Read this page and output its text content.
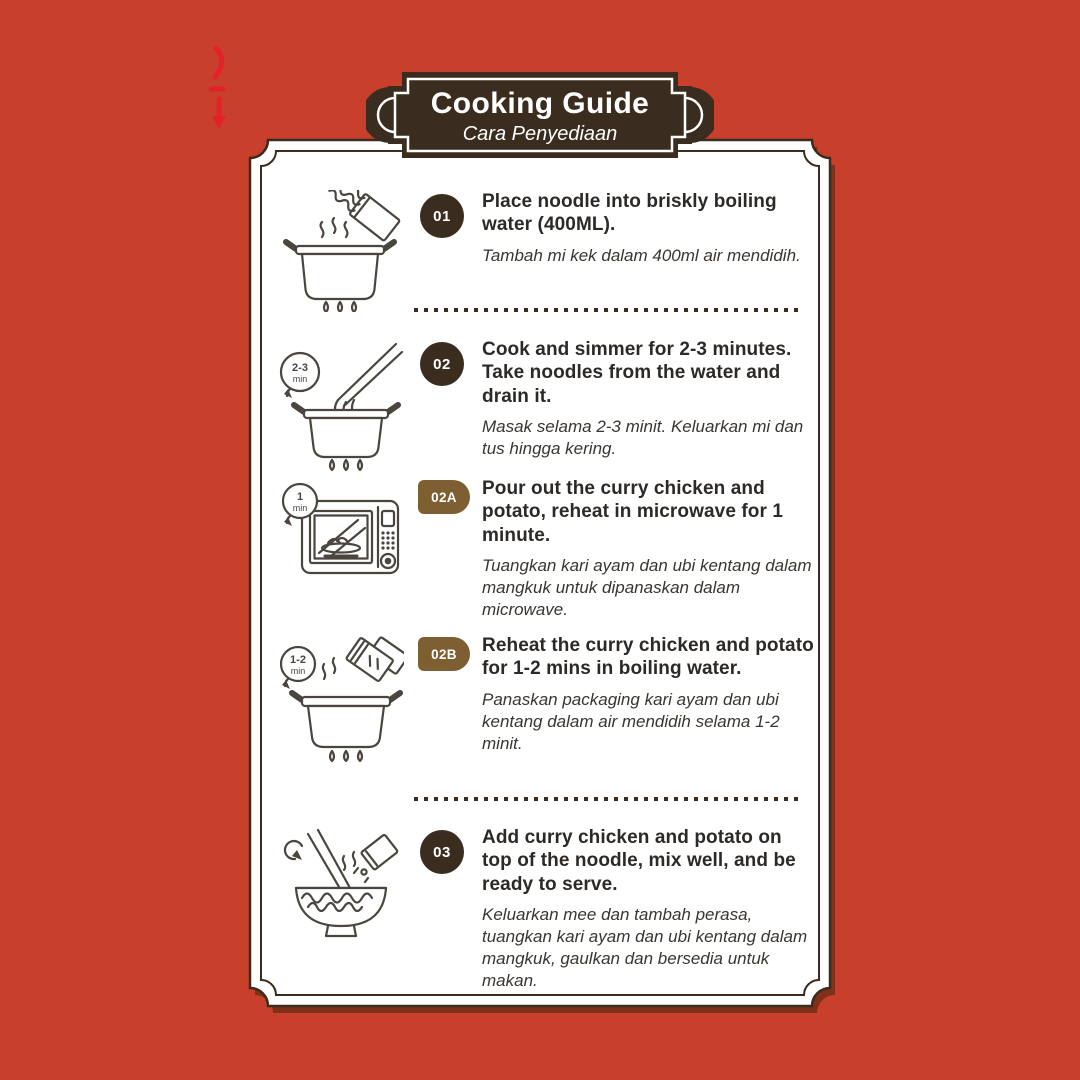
01

Place noodle into briskly boiling water (400ML).

Tambah mi kek dalam 400ml air mendidih.

2-3
min
02

Cook and simmer for 2-3 minutes. Take noodles from the water and drain it.

Masak selama 2-3 minit. Keluarkan mi dan tus hingga kering.

1
min
02A	Pour out the curry chicken and potato, reheat in microwave for 1 minute.

Tuangkan kari ayam dan ubi kentang dalam mangkuk untuk dipanaskan dalam microwave.

1-2
min
02B	Reheat the curry chicken and potato for 1-2 mins in boiling water.

Panaskan packaging kari ayam dan ubi kentang dalam air mendidih selama 1-2 minit.

03

Add curry chicken and potato on top of the noodle, mix well, and be ready to serve.

Keluarkan mee dan tambah perasa, tuangkan kari ayam dan ubi kentang dalam mangkuk, gaulkan dan bersedia untuk makan.

Cooking Guide
Cara Penyediaan
